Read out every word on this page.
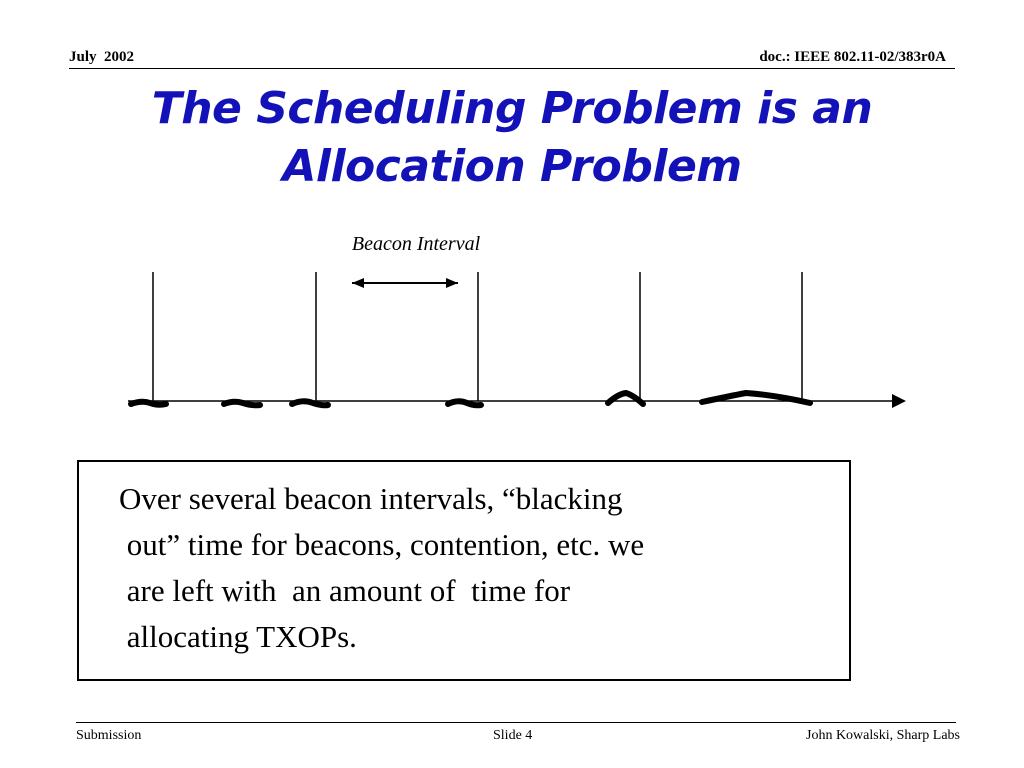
July  2002	doc.: IEEE 802.11-02/383r0A
The Scheduling Problem is an
Allocation Problem
Beacon Interval

Over several beacon intervals, “blacking
out” time for beacons, contention, etc. we
are left with  an amount of  time for
allocating TXOPs.

Submission	Slide 4	John Kowalski, Sharp Labs
